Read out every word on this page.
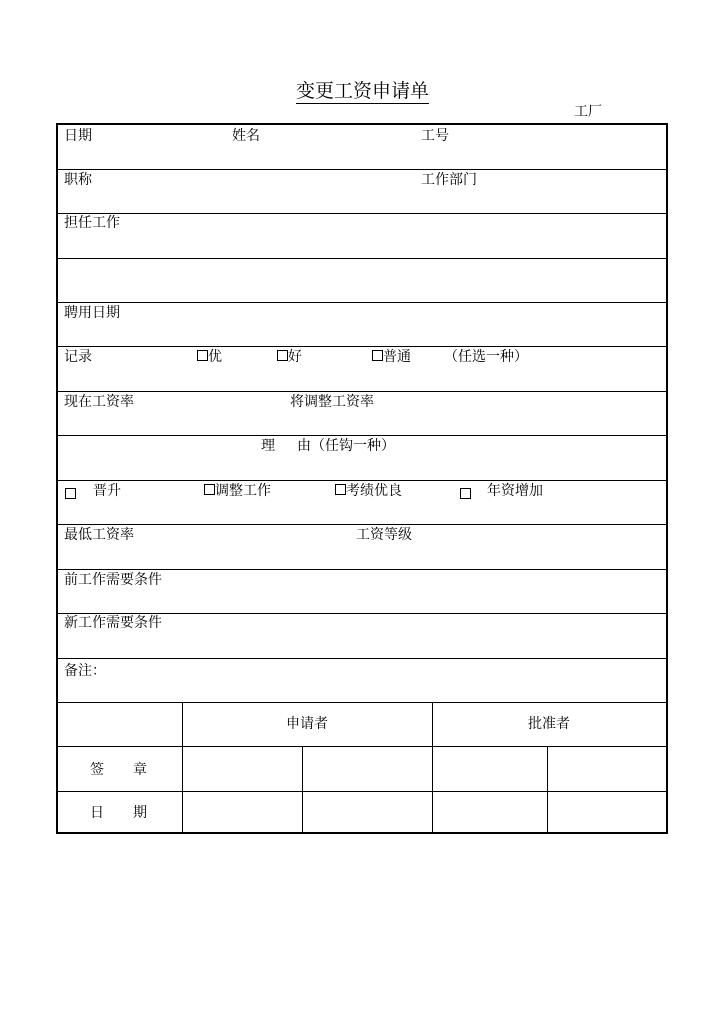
变更工资申请单
工厂
日期	姓名	工号
职称	工作部门
担任工作
聘用日期
记录	优	好	普通 （任选一种）
现在工资率	将调整工资率
理 由（任钩一种）
晋升	调整工作	考绩优良	年资增加
最低工资率	工资等级
前工作需要条件
新工作需要条件
备注：
申请者	批准者
签 章
日 期
